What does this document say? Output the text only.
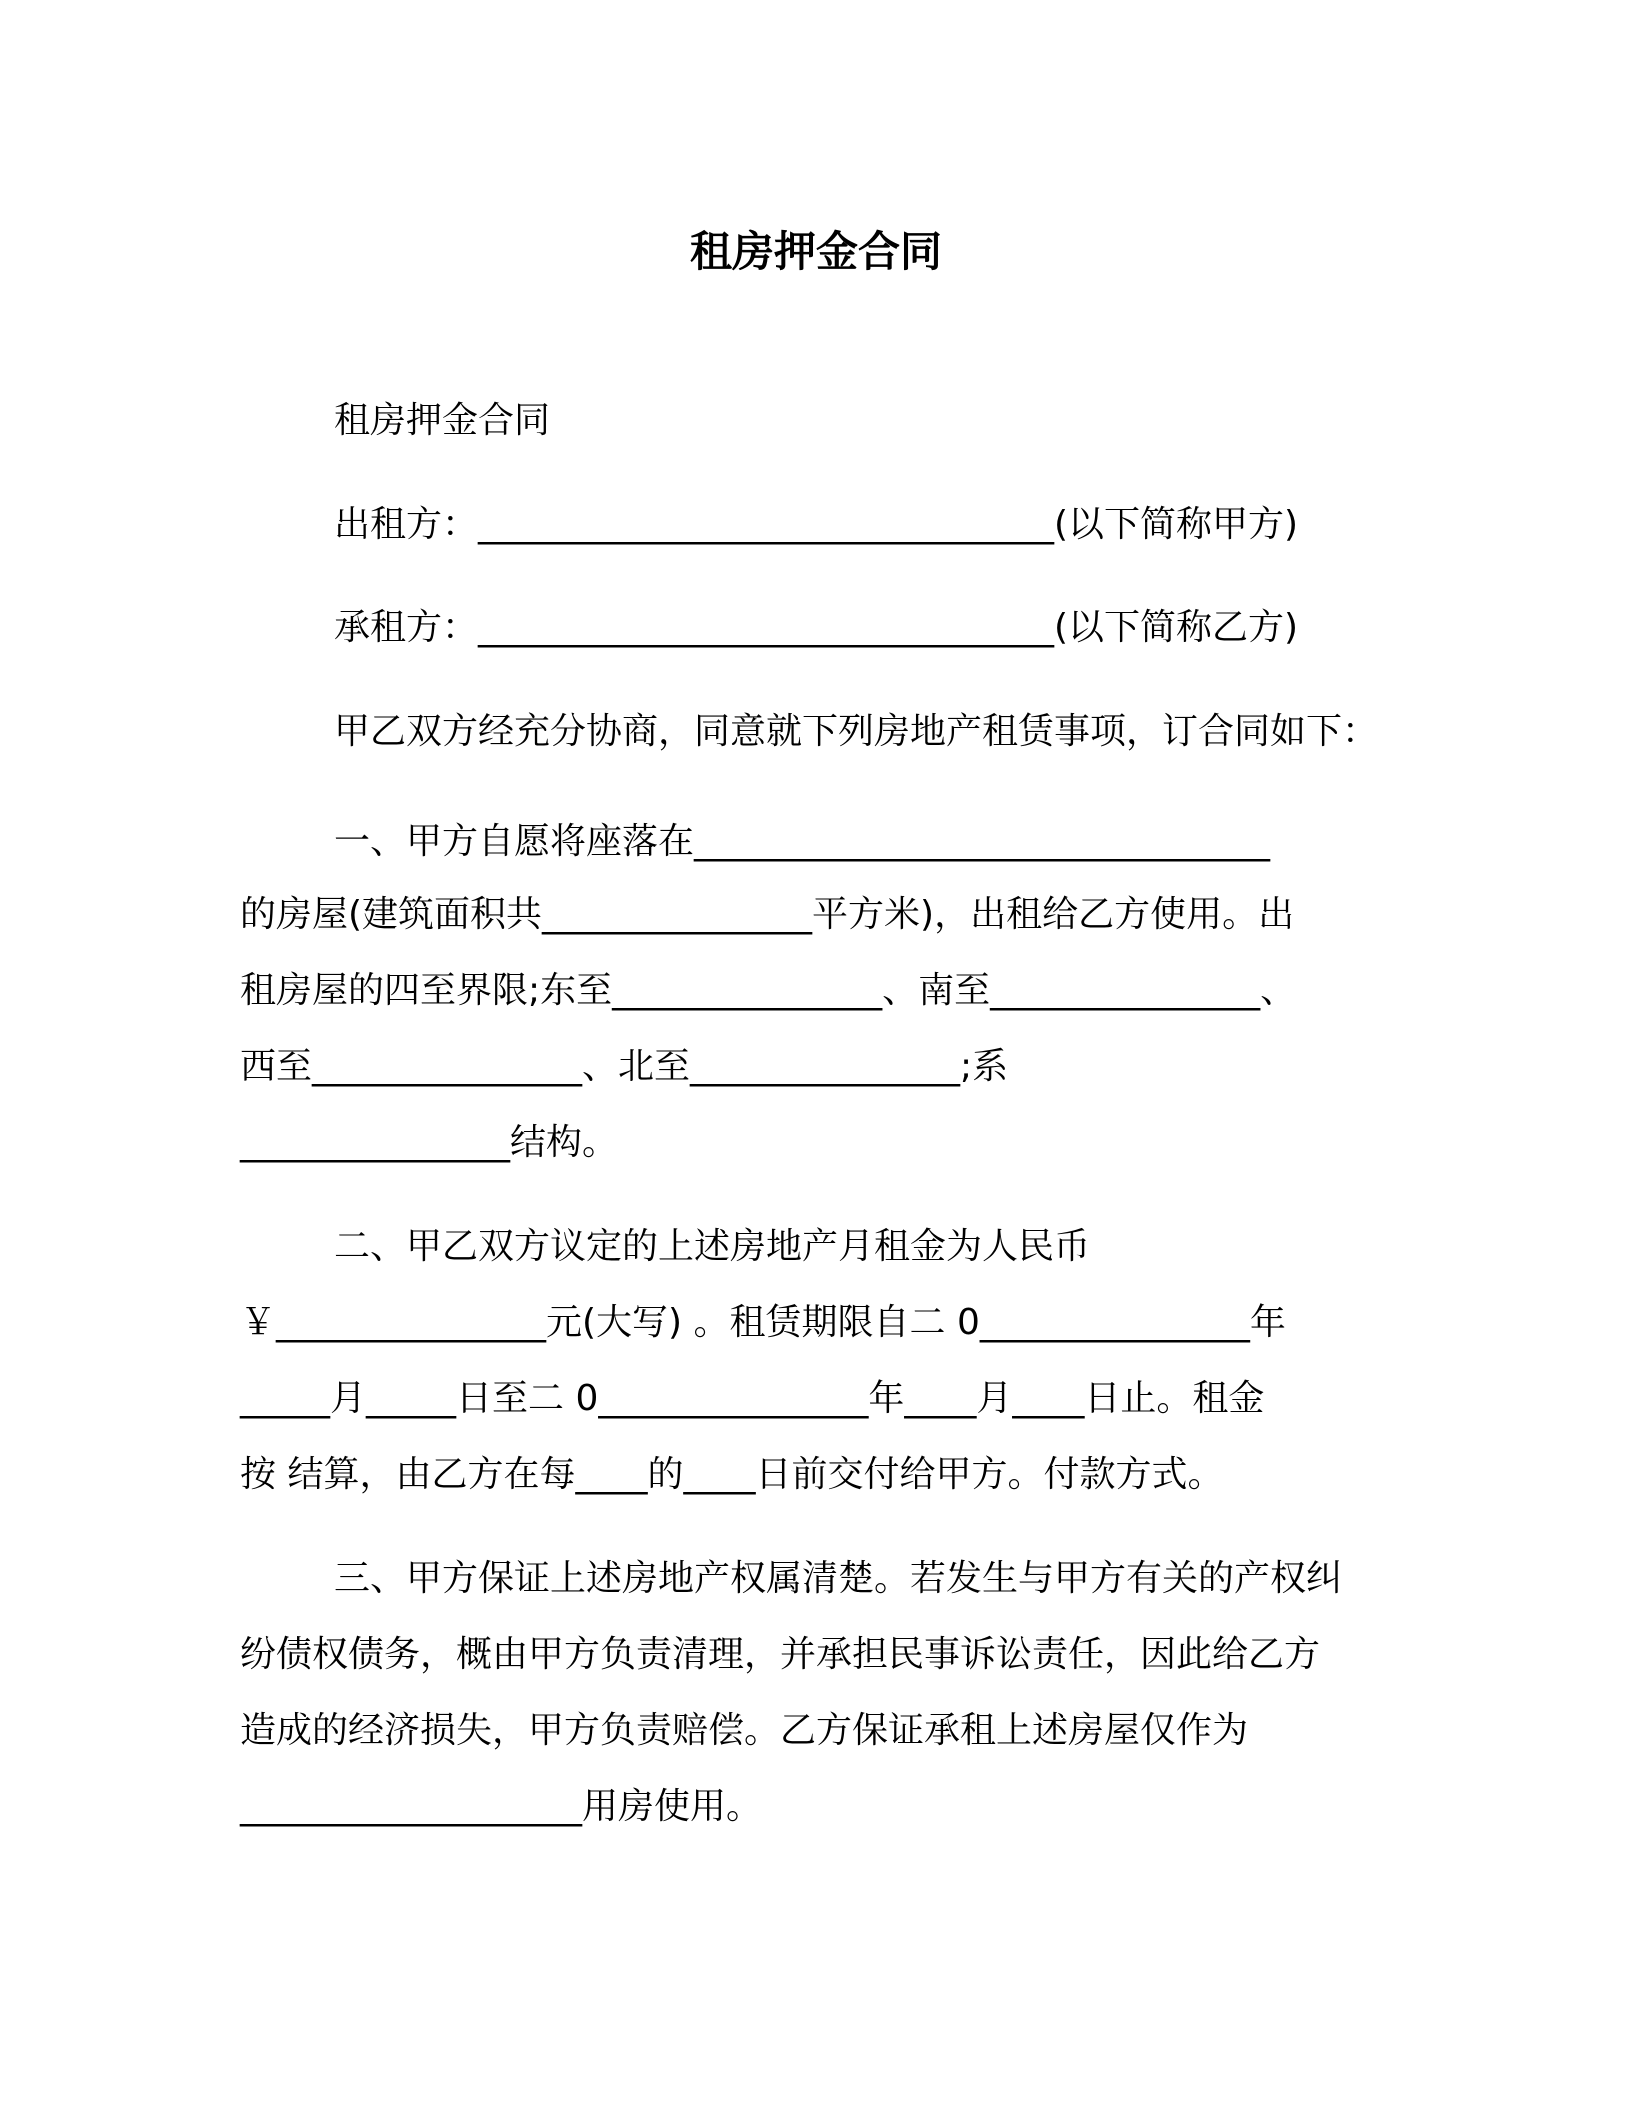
租房押金合同
租房押金合同
出租方：________________________________(以下简称甲方)
承租方：________________________________(以下简称乙方)
甲乙双方经充分协商，同意就下列房地产租赁事项，订合同如下：
一、甲方自愿将座落在________________________________
的房屋(建筑面积共_______________平方米)，出租给乙方使用。出
租房屋的四至界限;东至_______________、南至_______________、
西至_______________、北至_______________;系
_______________结构。
二、甲乙双方议定的上述房地产月租金为人民币
￥_______________元(大写) 。租赁期限自二 0_______________年
_____月_____日至二 0_______________年____月____日止。租金
按 结算，由乙方在每____的____日前交付给甲方。付款方式。
三、甲方保证上述房地产权属清楚。若发生与甲方有关的产权纠
纷债权债务，概由甲方负责清理，并承担民事诉讼责任，因此给乙方
造成的经济损失，甲方负责赔偿。乙方保证承租上述房屋仅作为
___________________用房使用。
